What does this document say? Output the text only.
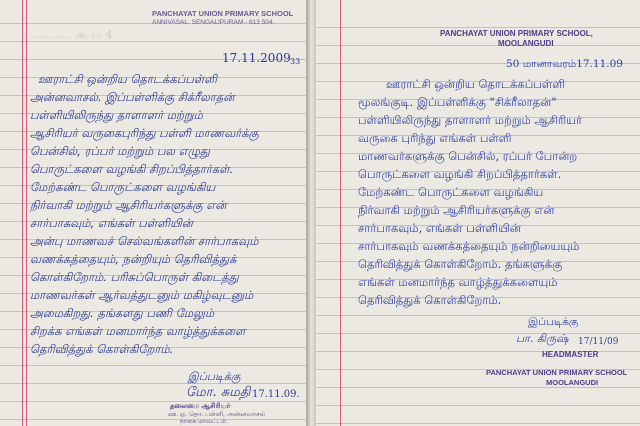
PANCHAYAT UNION PRIMARY SCHOOL
ANNIVASAL, SENGALIPURAM - 613 504.
............. அ. ப. 4
17.11.2009 33
ஊராட்சி ஒன்றிய தொடக்கப்பள்ளி
அன்னவாசல். இப்பள்ளிக்கு சிக்ரீலாதன்
பள்ளியிலிருந்து தாளாளர் மற்றும்
ஆசிரியர் வருகைபுரிந்து பள்ளி மாணவர்க்கு
பென்சில், ரப்பர் மற்றும் பல எழுது
பொருட்களை வழங்கி சிறப்பித்தார்கள்.
மேற்கண்ட பொருட்களை வழங்கிய
நிர்வாகி மற்றும் ஆசிரியர்களுக்கு என்
சார்பாகவும், எங்கள் பள்ளியின்
அன்பு மாணவச் செல்வங்களின் சார்பாகவும்
வணக்கத்தையும், நன்றியும் தெரிவித்துக்
கொள்கிறோம். பரிசுப்பொருள் கிடைத்து
மாணவர்கள் ஆர்வத்துடனும் மகிழ்வுடனும்
அமைகிறது. தங்களது பணி மேலும்
சிறக்க எங்கள் மனமார்ந்த வாழ்த்துக்களை
தெரிவித்துக் கொள்கிறோம்.
இப்படிக்கு
மோ. சுமதி 17.11.09.
தலைமை ஆசிரியர்
ஊ. ஒ. தொ. பள்ளி, அன்னவாசல்
நாகை மாவட்டம்.
PANCHAYAT UNION PRIMARY SCHOOL,
MOOLANGUDI
50 மானாவரம்17.11.09
ஊராட்சி ஒன்றிய தொடக்கப்பள்ளி
மூலங்குடி. இப்பள்ளிக்கு "சிக்ரீலாதன்"
பள்ளியிலிருந்து தாளாளர் மற்றும் ஆசிரியர்
வருகை புரிந்து எங்கள் பள்ளி
மாணவர்களுக்கு பென்சில், ரப்பர் போன்ற
பொருட்களை வழங்கி சிறப்பித்தார்கள்.
மேற்கண்ட பொருட்களை வழங்கிய
நிர்வாகி மற்றும் ஆசிரியர்களுக்கு என்
சார்பாகவும், எங்கள் பள்ளியின்
சார்பாகவும் வணக்கத்தையும் நன்றியையும்
தெரிவித்துக் கொள்கிறோம். தங்களுக்கு
எங்கள் மனமார்ந்த வாழ்த்துக்களையும்
தெரிவித்துக் கொள்கிறோம்.
இப்படிக்கு
பா. கிருஷ் 17/11/09
HEADMASTER
PANCHAYAT UNION PRIMARY SCHOOL
MOOLANGUDI
